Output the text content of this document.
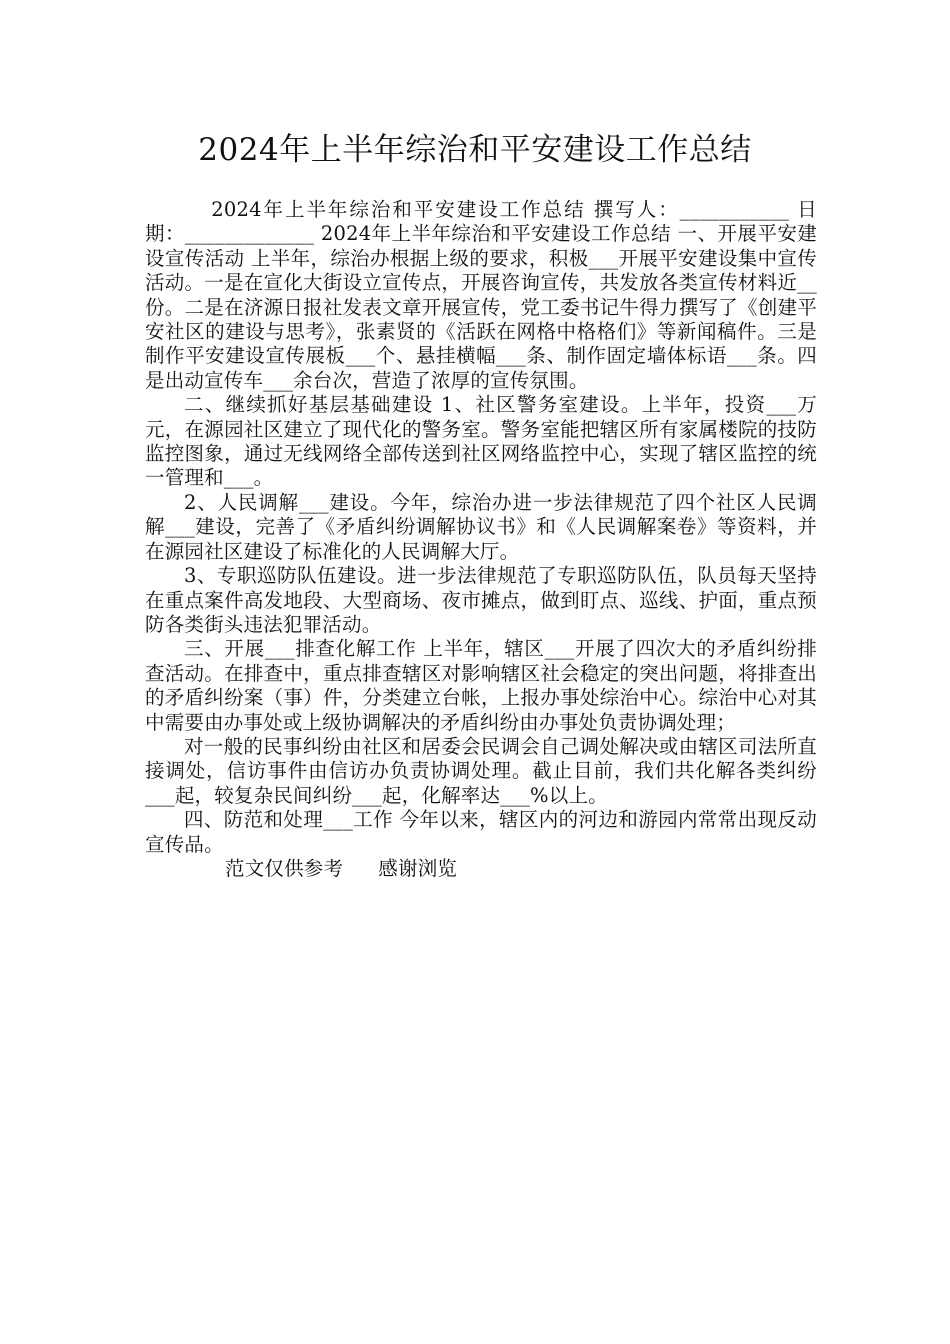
2024年上半年综治和平安建设工作总结

2024年上半年综治和平安建设工作总结 撰写人：___________ 日 期：_____________ 2024年上半年综治和平安建设工作总结 一、开展平安建设宣传活动 上半年，综治办根据上级的要求，积极___开展平安建设集中宣传活动。一是在宣化大街设立宣传点，开展咨询宣传，共发放各类宣传材料近__份。二是在济源日报社发表文章开展宣传，党工委书记牛得力撰写了《创建平安社区的建设与思考》，张素贤的《活跃在网格中格格们》等新闻稿件。三是制作平安建设宣传展板___个、悬挂横幅___条、制作固定墙体标语___条。四是出动宣传车___余台次，营造了浓厚的宣传氛围。

二、继续抓好基层基础建设 1、社区警务室建设。上半年，投资___万元，在源园社区建立了现代化的警务室。警务室能把辖区所有家属楼院的技防监控图象，通过无线网络全部传送到社区网络监控中心，实现了辖区监控的统一管理和___。

2、人民调解___建设。今年，综治办进一步法律规范了四个社区人民调解___建设，完善了《矛盾纠纷调解协议书》和《人民调解案卷》等资料，并在源园社区建设了标准化的人民调解大厅。

3、专职巡防队伍建设。进一步法律规范了专职巡防队伍，队员每天坚持在重点案件高发地段、大型商场、夜市摊点，做到盯点、巡线、护面，重点预防各类街头违法犯罪活动。

三、开展___排查化解工作 上半年，辖区___开展了四次大的矛盾纠纷排查活动。在排查中，重点排查辖区对影响辖区社会稳定的突出问题，将排查出的矛盾纠纷案（事）件，分类建立台帐，上报办事处综治中心。综治中心对其中需要由办事处或上级协调解决的矛盾纠纷由办事处负责协调处理；

对一般的民事纠纷由社区和居委会民调会自己调处解决或由辖区司法所直接调处，信访事件由信访办负责协调处理。截止目前，我们共化解各类纠纷___起，较复杂民间纠纷___起，化解率达___%以上。

四、防范和处理___工作 今年以来，辖区内的河边和游园内常常出现反动宣传品。

范文仅供参考 感谢浏览
